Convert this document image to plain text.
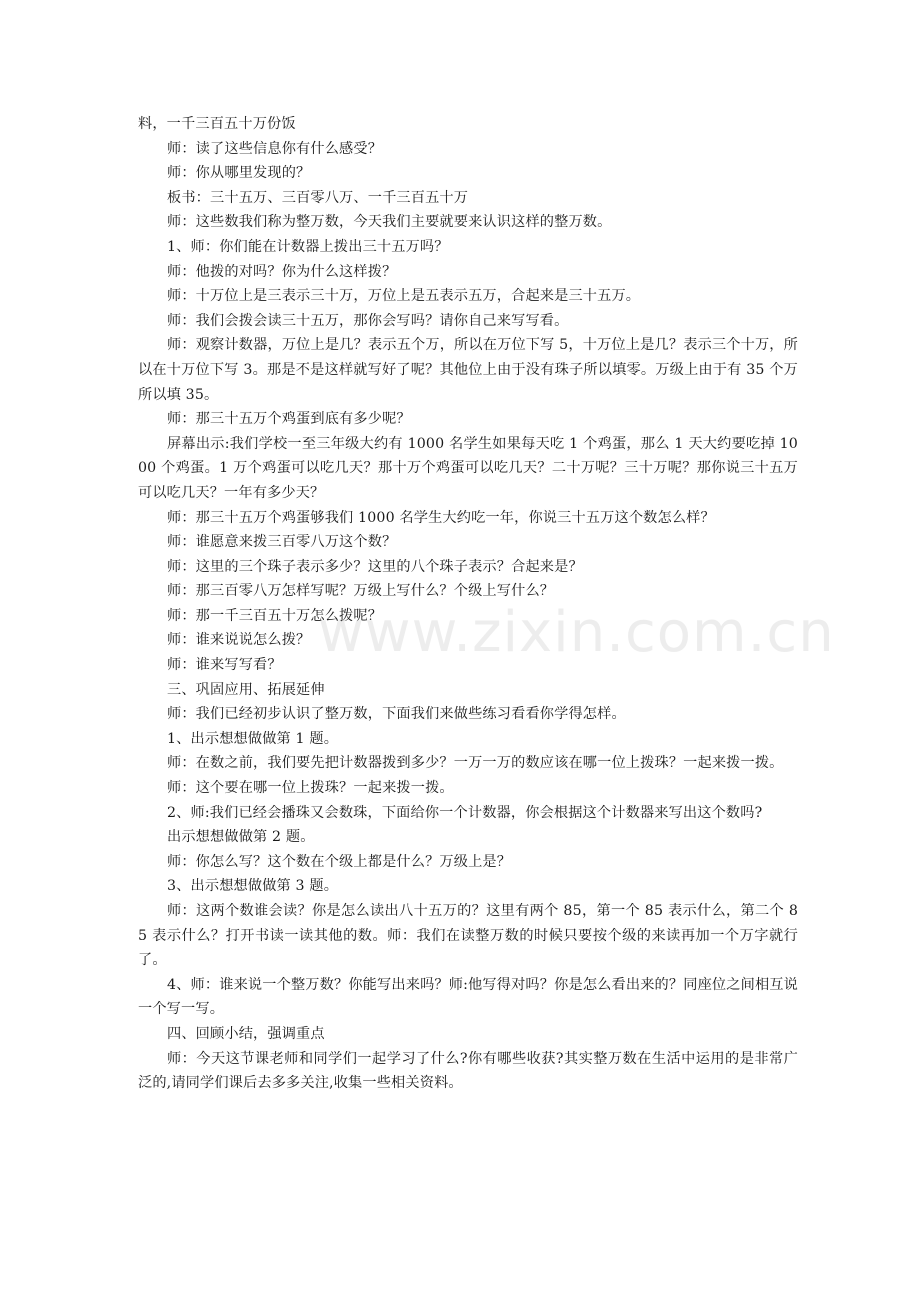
料，一千三百五十万份饭

师：读了这些信息你有什么感受？

师：你从哪里发现的？

板书：三十五万、三百零八万、一千三百五十万

师：这些数我们称为整万数，今天我们主要就要来认识这样的整万数。

1、师：你们能在计数器上拨出三十五万吗？

师：他拨的对吗？你为什么这样拨？

师：十万位上是三表示三十万，万位上是五表示五万，合起来是三十五万。

师：我们会拨会读三十五万，那你会写吗？请你自己来写写看。

师：观察计数器，万位上是几？表示五个万，所以在万位下写 5，十万位上是几？表示三个十万，所以在十万位下写 3。那是不是这样就写好了呢？其他位上由于没有珠子所以填零。万级上由于有 35 个万所以填 35。

师：那三十五万个鸡蛋到底有多少呢？

屏幕出示:我们学校一至三年级大约有 1000 名学生如果每天吃 1 个鸡蛋，那么 1 天大约要吃掉 1000 个鸡蛋。1 万个鸡蛋可以吃几天？那十万个鸡蛋可以吃几天？二十万呢？三十万呢？那你说三十五万可以吃几天？一年有多少天？

师：那三十五万个鸡蛋够我们 1000 名学生大约吃一年，你说三十五万这个数怎么样？

师：谁愿意来拨三百零八万这个数？

师：这里的三个珠子表示多少？这里的八个珠子表示？合起来是？

师：那三百零八万怎样写呢？万级上写什么？个级上写什么？

师：那一千三百五十万怎么拨呢？

师：谁来说说怎么拨？

师：谁来写写看？

三、巩固应用、拓展延伸

师：我们已经初步认识了整万数，下面我们来做些练习看看你学得怎样。

1、出示想想做做第 1 题。

师：在数之前，我们要先把计数器拨到多少？一万一万的数应该在哪一位上拨珠？一起来拨一拨。

师：这个要在哪一位上拨珠？一起来拨一拨。

2、师:我们已经会播珠又会数珠，下面给你一个计数器，你会根据这个计数器来写出这个数吗?

出示想想做做第 2 题。

师：你怎么写？这个数在个级上都是什么？万级上是？

3、出示想想做做第 3 题。

师：这两个数谁会读？你是怎么读出八十五万的？这里有两个 85，第一个 85 表示什么，第二个 85 表示什么？打开书读一读其他的数。师：我们在读整万数的时候只要按个级的来读再加一个万字就行了。

4、师：谁来说一个整万数？你能写出来吗？师:他写得对吗？你是怎么看出来的？同座位之间相互说一个写一写。

四、回顾小结，强调重点

师：今天这节课老师和同学们一起学习了什么?你有哪些收获?其实整万数在生活中运用的是非常广泛的,请同学们课后去多多关注,收集一些相关资料。

www.zixin.com.cn
